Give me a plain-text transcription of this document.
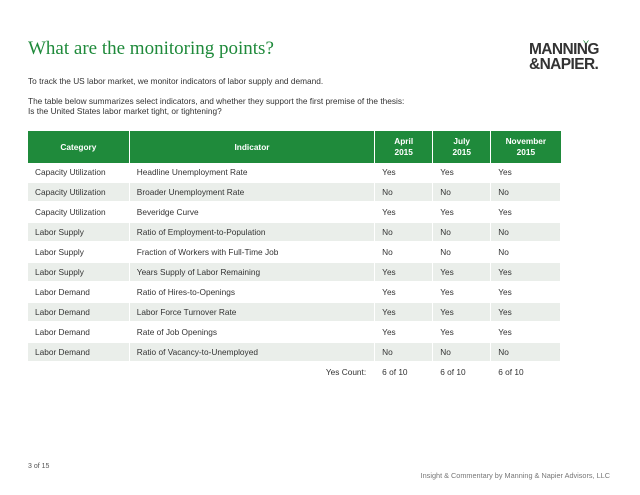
What are the monitoring points?	MANNING
&NAPIER.
To track the US labor market, we monitor indicators of labor supply and demand.
The table below summarizes select indicators, and whether they support the first premise of the thesis:
Is the United States labor market tight, or tightening?
Category	Indicator	April 2015	July 2015	November 2015
Capacity Utilization	Headline Unemployment Rate	Yes	Yes	Yes
Capacity Utilization	Broader Unemployment Rate	No	No	No
Capacity Utilization	Beveridge Curve	Yes	Yes	Yes
Labor Supply	Ratio of Employment-to-Population	No	No	No
Labor Supply	Fraction of Workers with Full-Time Job	No	No	No
Labor Supply	Years Supply of Labor Remaining	Yes	Yes	Yes
Labor Demand	Ratio of Hires-to-Openings	Yes	Yes	Yes
Labor Demand	Labor Force Turnover Rate	Yes	Yes	Yes
Labor Demand	Rate of Job Openings	Yes	Yes	Yes
Labor Demand	Ratio of Vacancy-to-Unemployed	No	No	No
Yes Count:		6 of 10	6 of 10	6 of 10
3 of 15
Insight & Commentary by Manning & Napier Advisors, LLC
